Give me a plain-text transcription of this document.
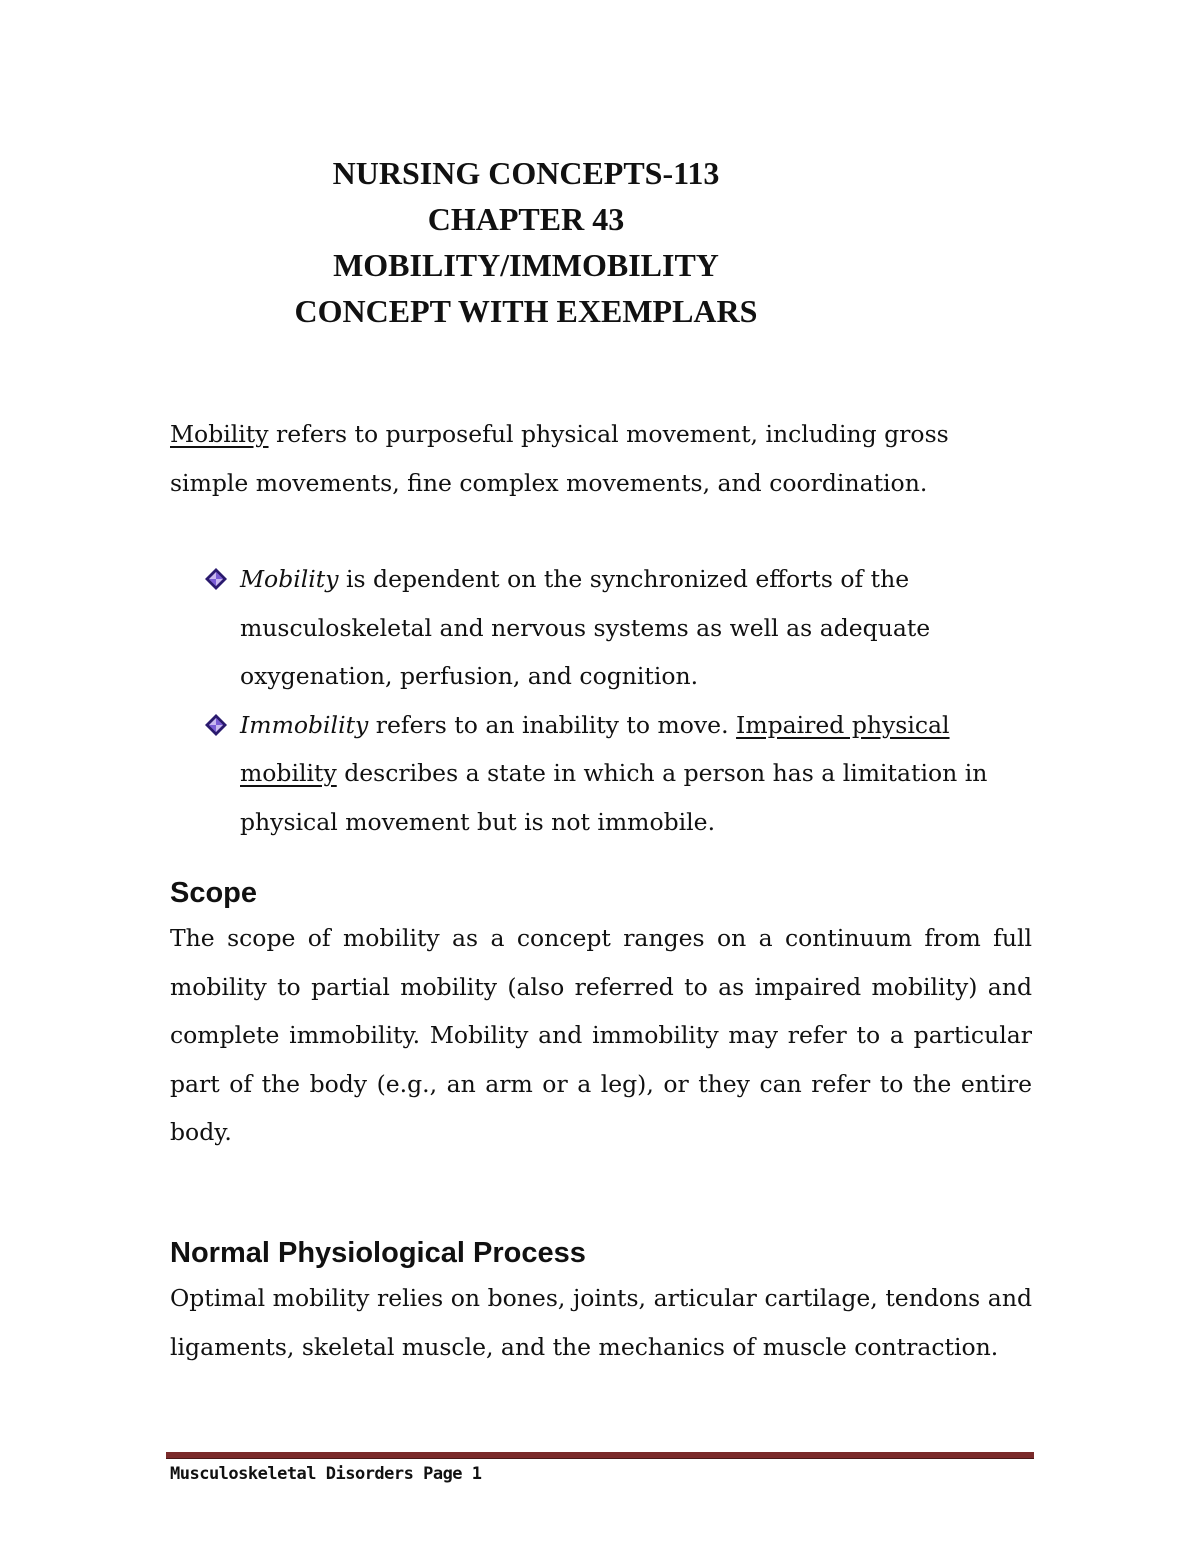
NURSING CONCEPTS-113
CHAPTER 43
MOBILITY/IMMOBILITY
CONCEPT WITH EXEMPLARS

Mobility refers to purposeful physical movement, including gross simple movements, fine complex movements, and coordination.

Mobility is dependent on the synchronized efforts of the musculoskeletal and nervous systems as well as adequate oxygenation, perfusion, and cognition.
Immobility refers to an inability to move. Impaired physical mobility describes a state in which a person has a limitation in physical movement but is not immobile.
Scope

The scope of mobility as a concept ranges on a continuum from full mobility to partial mobility (also referred to as impaired mobility) and complete immobility. Mobility and immobility may refer to a particular part of the body (e.g., an arm or a leg), or they can refer to the entire body.

Normal Physiological Process

Optimal mobility relies on bones, joints, articular cartilage, tendons and ligaments, skeletal muscle, and the mechanics of muscle contraction.

Musculoskeletal Disorders Page 1
